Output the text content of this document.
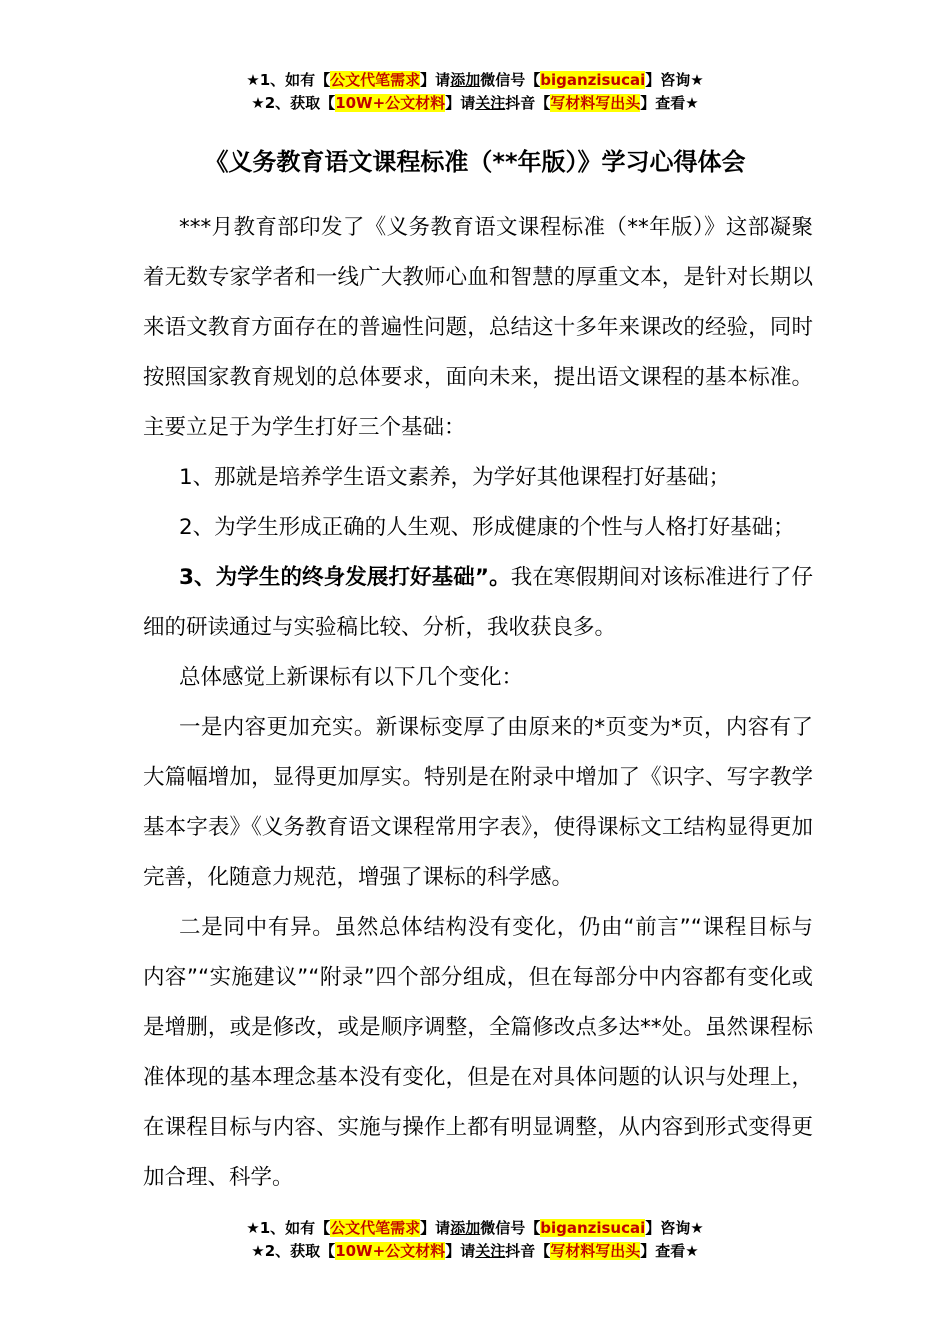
★1、如有【公文代笔需求】请添加微信号【biganzisucai】咨询★
★2、获取【10W+公文材料】请关注抖音【写材料写出头】查看★
《义务教育语文课程标准（**年版）》学习心得体会

***月教育部印发了《义务教育语文课程标准（**年版）》这部凝聚着无数专家学者和一线广大教师心血和智慧的厚重文本，是针对长期以来语文教育方面存在的普遍性问题，总结这十多年来课改的经验，同时按照国家教育规划的总体要求，面向未来，提出语文课程的基本标准。主要立足于为学生打好三个基础：

1、那就是培养学生语文素养，为学好其他课程打好基础；

2、为学生形成正确的人生观、形成健康的个性与人格打好基础；

3、为学生的终身发展打好基础”。我在寒假期间对该标准进行了仔细的研读通过与实验稿比较、分析，我收获良多。

总体感觉上新课标有以下几个变化：

一是内容更加充实。新课标变厚了由原来的*页变为*页，内容有了大篇幅增加，显得更加厚实。特别是在附录中增加了《识字、写字教学基本字表》《义务教育语文课程常用字表》，使得课标文工结构显得更加完善，化随意力规范，增强了课标的科学感。

二是同中有异。虽然总体结构没有变化，仍由“前言”“课程目标与内容”“实施建议”“附录”四个部分组成，但在每部分中内容都有变化或是增删，或是修改，或是顺序调整，全篇修改点多达**处。虽然课程标准体现的基本理念基本没有变化，但是在对具体问题的认识与处理上，在课程目标与内容、实施与操作上都有明显调整，从内容到形式变得更加合理、科学。

★1、如有【公文代笔需求】请添加微信号【biganzisucai】咨询★
★2、获取【10W+公文材料】请关注抖音【写材料写出头】查看★
